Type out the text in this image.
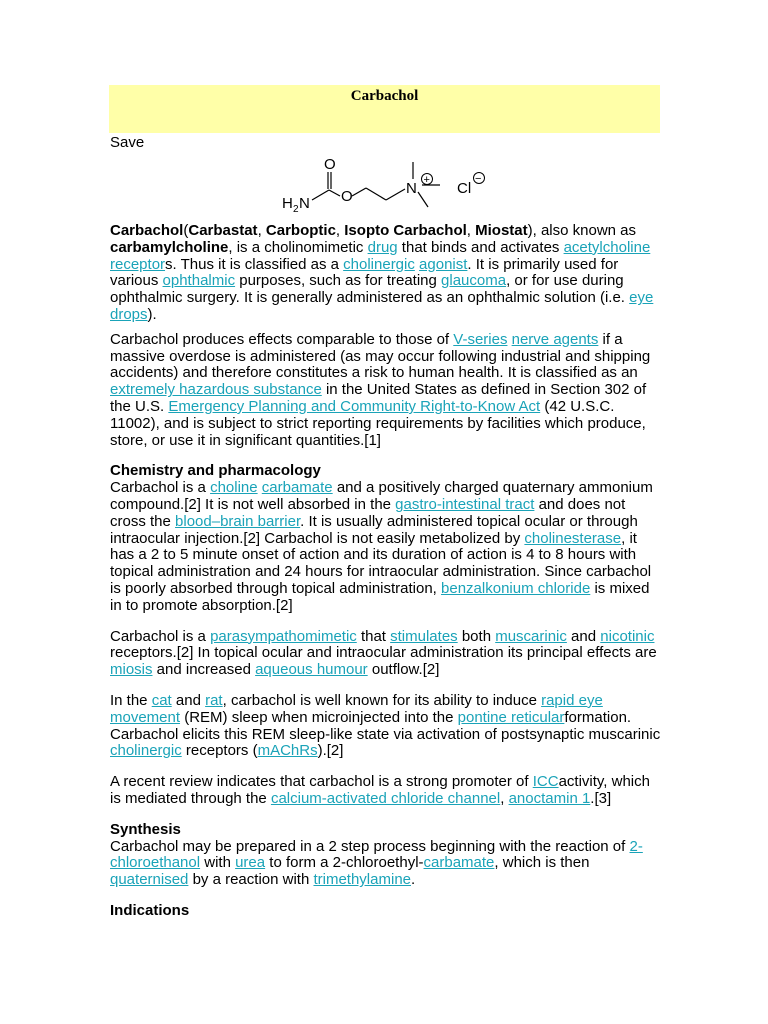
Carbachol
Save
O
H 2 N O	N + Cl
−

Carbachol(Carbastat, Carboptic, Isopto Carbachol, Miostat), also known as carbamylcholine, is a cholinomimetic drug that binds and activates acetylcholine receptors. Thus it is classified as a cholinergic agonist. It is primarily used for various ophthalmic purposes, such as for treating glaucoma, or for use during ophthalmic surgery. It is generally administered as an ophthalmic solution (i.e. eye drops).

Carbachol produces effects comparable to those of V-series nerve agents if a massive overdose is administered (as may occur following industrial and shipping accidents) and therefore constitutes a risk to human health. It is classified as an extremely hazardous substance in the United States as defined in Section 302 of the U.S. Emergency Planning and Community Right-to-Know Act (42 U.S.C. 11002), and is subject to strict reporting requirements by facilities which produce, store, or use it in significant quantities.[1]

Chemistry and pharmacology

Carbachol is a choline carbamate and a positively charged quaternary ammonium compound.[2] It is not well absorbed in the gastro-intestinal tract and does not cross the blood–brain barrier. It is usually administered topical ocular or through intraocular injection.[2] Carbachol is not easily metabolized by cholinesterase, it has a 2 to 5 minute onset of action and its duration of action is 4 to 8 hours with topical administration and 24 hours for intraocular administration. Since carbachol is poorly absorbed through topical administration, benzalkonium chloride is mixed in to promote absorption.[2]

Carbachol is a parasympathomimetic that stimulates both muscarinic and nicotinic receptors.[2] In topical ocular and intraocular administration its principal effects are miosis and increased aqueous humour outflow.[2]

In the cat and rat, carbachol is well known for its ability to induce rapid eye movement (REM) sleep when microinjected into the pontine reticularformation. Carbachol elicits this REM sleep-like state via activation of postsynaptic muscarinic cholinergic receptors (mAChRs).[2]

A recent review indicates that carbachol is a strong promoter of ICCactivity, which is mediated through the calcium-activated chloride channel, anoctamin 1.[3]

Synthesis

Carbachol may be prepared in a 2 step process beginning with the reaction of 2-chloroethanol with urea to form a 2-chloroethyl-carbamate, which is then quaternised by a reaction with trimethylamine.

Indications
